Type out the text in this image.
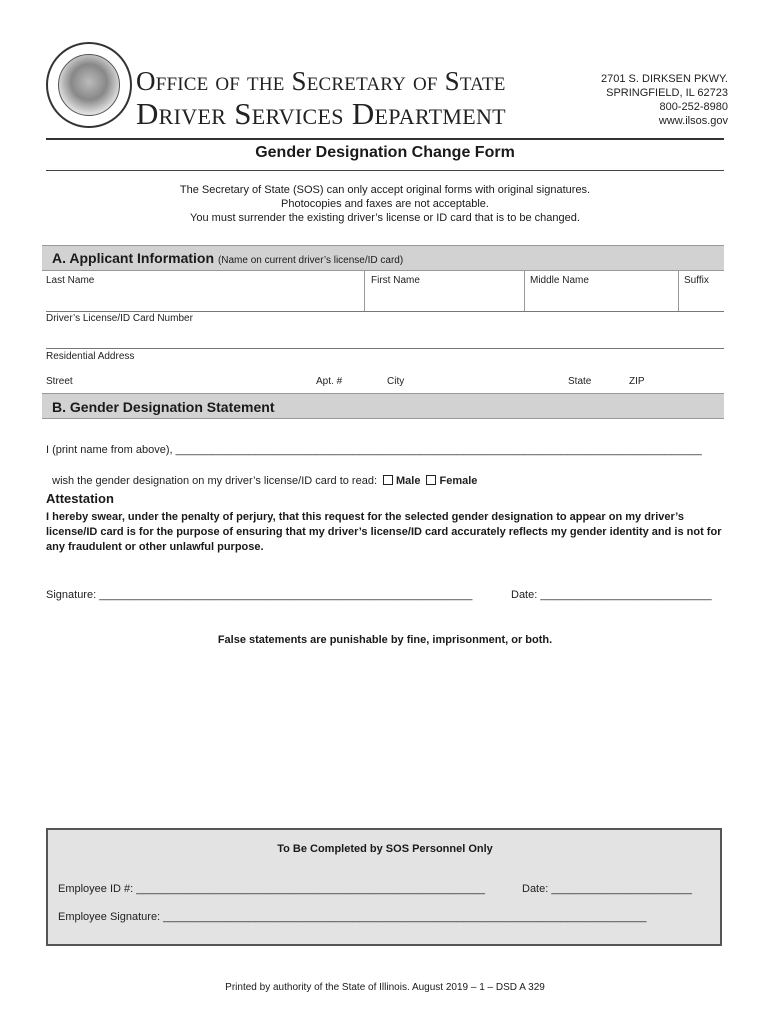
Office of the Secretary of State
Driver Services Department
2701 S. DIRKSEN PKWY.
SPRINGFIELD, IL 62723
800-252-8980
www.ilsos.gov
Gender Designation Change Form
The Secretary of State (SOS) can only accept original forms with original signatures.
Photocopies and faxes are not acceptable.
You must surrender the existing driver’s license or ID card that is to be changed.
A. Applicant Information (Name on current driver’s license/ID card)
Last Name	First Name	Middle Name	Suffix
Driver’s License/ID Card Number
Residential Address
Street	Apt. #	City	State	ZIP
B. Gender Designation Statement
I (print name from above), ______________________________________________________________________________________

wish the gender designation on my driver’s license/ID card to read: Male Female

Attestation
I hereby swear, under the penalty of perjury, that this request for the selected gender designation to appear on my driver’s license/ID card is for the purpose of ensuring that my driver’s license/ID card accurately reflects my gender identity and is not for any fraudulent or other unlawful purpose.
Signature: _____________________________________________________________	Date: ____________________________
False statements are punishable by fine, imprisonment, or both.
To Be Completed by SOS Personnel Only
Employee ID #: _________________________________________________________	Date: _______________________
Employee Signature: _______________________________________________________________________________
Printed by authority of the State of Illinois. August 2019 – 1 – DSD A 329
